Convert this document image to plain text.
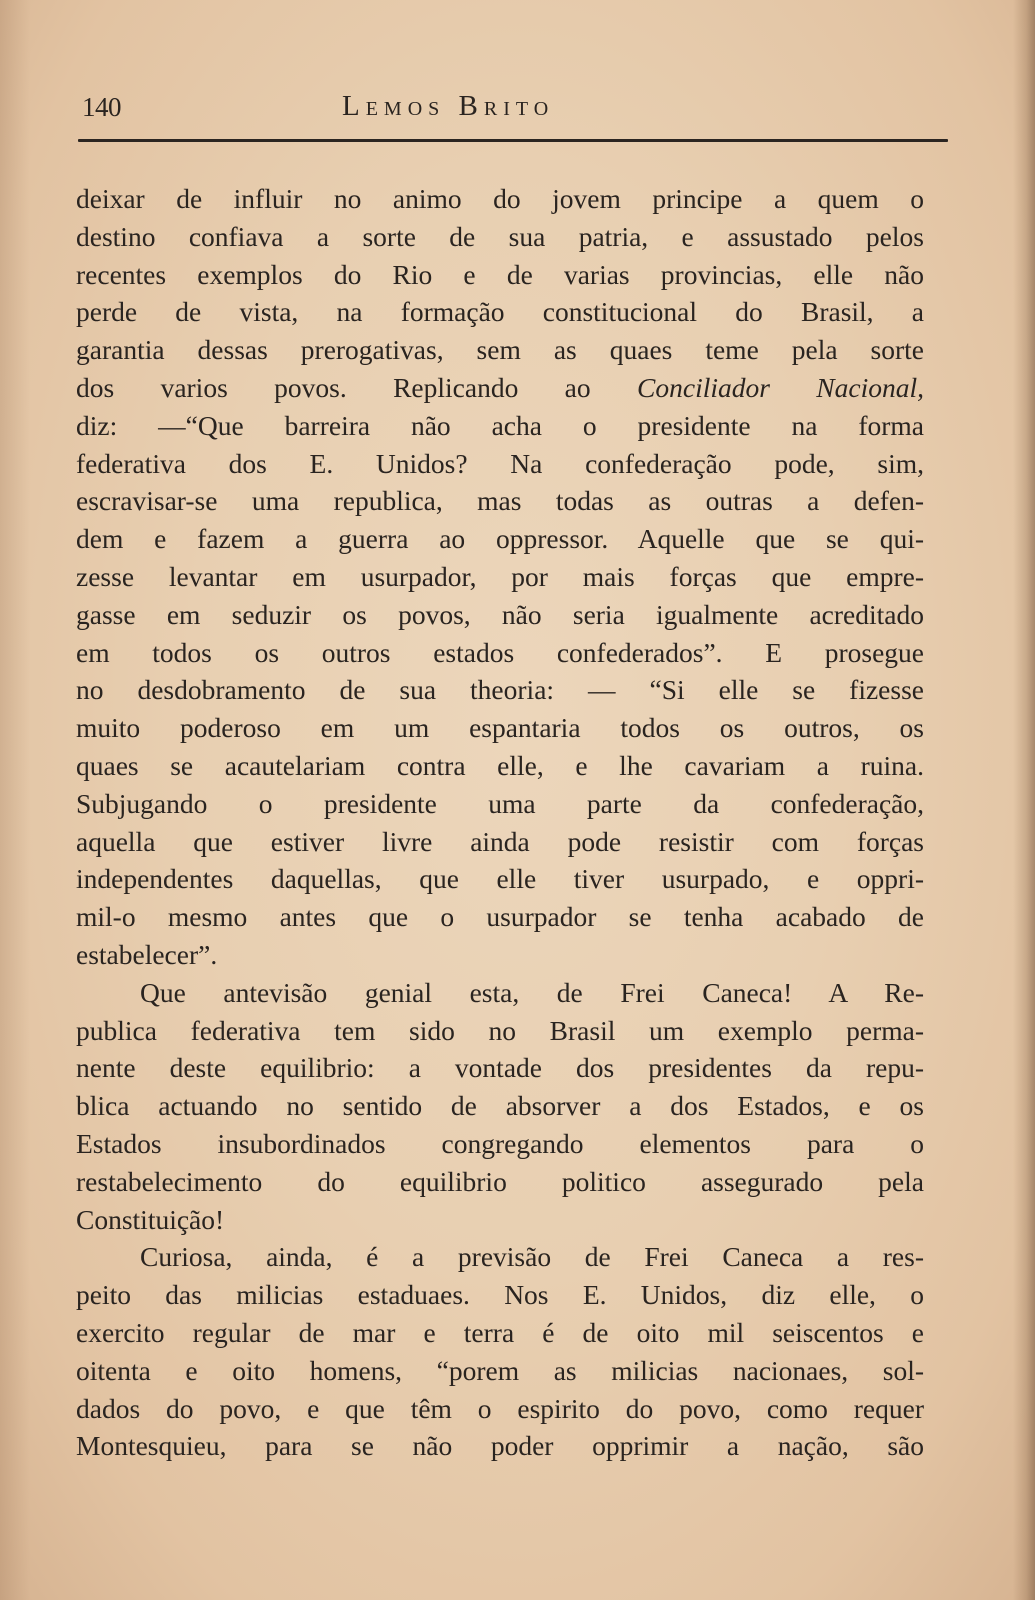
140	Lemos Brito
deixar de influir no animo do jovem principe a quem o
destino confiava a sorte de sua patria, e assustado pelos
recentes exemplos do Rio e de varias provincias, elle não
perde de vista, na formação constitucional do Brasil, a
garantia dessas prerogativas, sem as quaes teme pela sorte
dos varios povos. Replicando ao Conciliador Nacional,
diz: —“Que barreira não acha o presidente na forma
federativa dos E. Unidos? Na confederação pode, sim,
escravisar-se uma republica, mas todas as outras a defen-
dem e fazem a guerra ao oppressor. Aquelle que se qui-
zesse levantar em usurpador, por mais forças que empre-
gasse em seduzir os povos, não seria igualmente acreditado
em todos os outros estados confederados”. E prosegue
no desdobramento de sua theoria: — “Si elle se fizesse
muito poderoso em um espantaria todos os outros, os
quaes se acautelariam contra elle, e lhe cavariam a ruina.
Subjugando o presidente uma parte da confederação,
aquella que estiver livre ainda pode resistir com forças
independentes daquellas, que elle tiver usurpado, e oppri-
mil-o mesmo antes que o usurpador se tenha acabado de
estabelecer”.
Que antevisão genial esta, de Frei Caneca! A Re-
publica federativa tem sido no Brasil um exemplo perma-
nente deste equilibrio: a vontade dos presidentes da repu-
blica actuando no sentido de absorver a dos Estados, e os
Estados insubordinados congregando elementos para o
restabelecimento do equilibrio politico assegurado pela
Constituição!
Curiosa, ainda, é a previsão de Frei Caneca a res-
peito das milicias estaduaes. Nos E. Unidos, diz elle, o
exercito regular de mar e terra é de oito mil seiscentos e
oitenta e oito homens, “porem as milicias nacionaes, sol-
dados do povo, e que têm o espirito do povo, como requer
Montesquieu, para se não poder opprimir a nação, são
